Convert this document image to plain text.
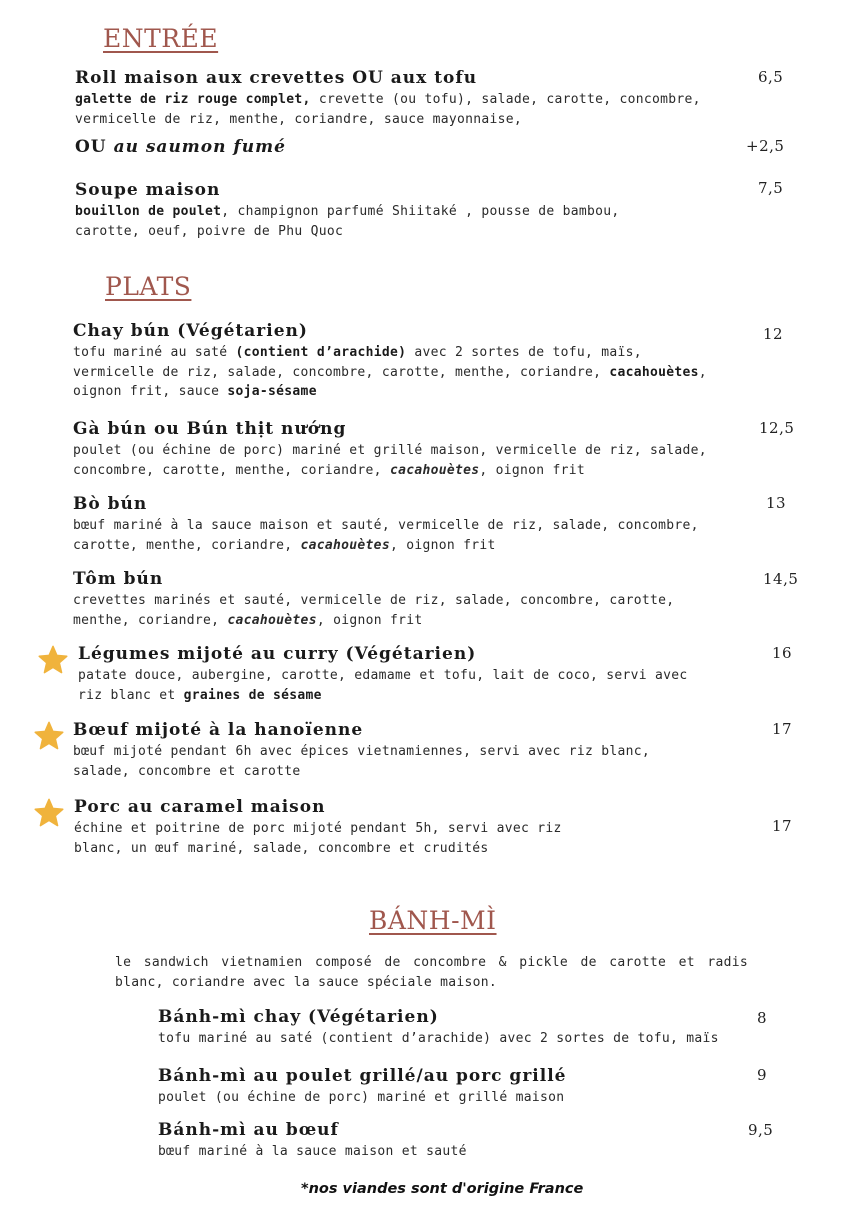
ENTRÉE
Roll maison aux crevettes OU aux tofu
galette de riz rouge complet, crevette (ou tofu), salade, carotte, concombre,
vermicelle de riz, menthe, coriandre, sauce mayonnaise,
6,5
OU au saumon fumé	+2,5
Soupe maison
bouillon de poulet, champignon parfumé Shiitaké , pousse de bambou,
carotte, oeuf, poivre de Phu Quoc
7,5
PLATS
Chay bún (Végétarien)
tofu mariné au saté (contient d’arachide) avec 2 sortes de tofu, maïs,
vermicelle de riz, salade, concombre, carotte, menthe, coriandre, cacahouètes,
oignon frit, sauce soja-sésame
12
Gà bún ou Bún thịt nướng
poulet (ou échine de porc) mariné et grillé maison, vermicelle de riz, salade,
concombre, carotte, menthe, coriandre, cacahouètes, oignon frit
12,5
Bò bún
bœuf mariné à la sauce maison et sauté, vermicelle de riz, salade, concombre,
carotte, menthe, coriandre, cacahouètes, oignon frit
13
Tôm bún
crevettes marinés et sauté, vermicelle de riz, salade, concombre, carotte,
menthe, coriandre, cacahouètes, oignon frit
14,5
Légumes mijoté au curry (Végétarien)
patate douce, aubergine, carotte, edamame et tofu, lait de coco, servi avec
riz blanc et graines de sésame
16
Bœuf mijoté à la hanoïenne
bœuf mijoté pendant 6h avec épices vietnamiennes, servi avec riz blanc,
salade, concombre et carotte
17
Porc au caramel maison
échine et poitrine de porc mijoté pendant 5h, servi avec riz
blanc, un œuf mariné, salade, concombre et crudités
17
BÁNH-MÌ
le sandwich vietnamien composé de concombre & pickle de carotte et radis
blanc, coriandre avec la sauce spéciale maison.
Bánh-mì chay (Végétarien)
tofu mariné au saté (contient d’arachide) avec 2 sortes de tofu, maïs
8
Bánh-mì au poulet grillé/au porc grillé
poulet (ou échine de porc) mariné et grillé maison
9
Bánh-mì au bœuf
bœuf mariné à la sauce maison et sauté
9,5
*nos viandes sont d'origine France
